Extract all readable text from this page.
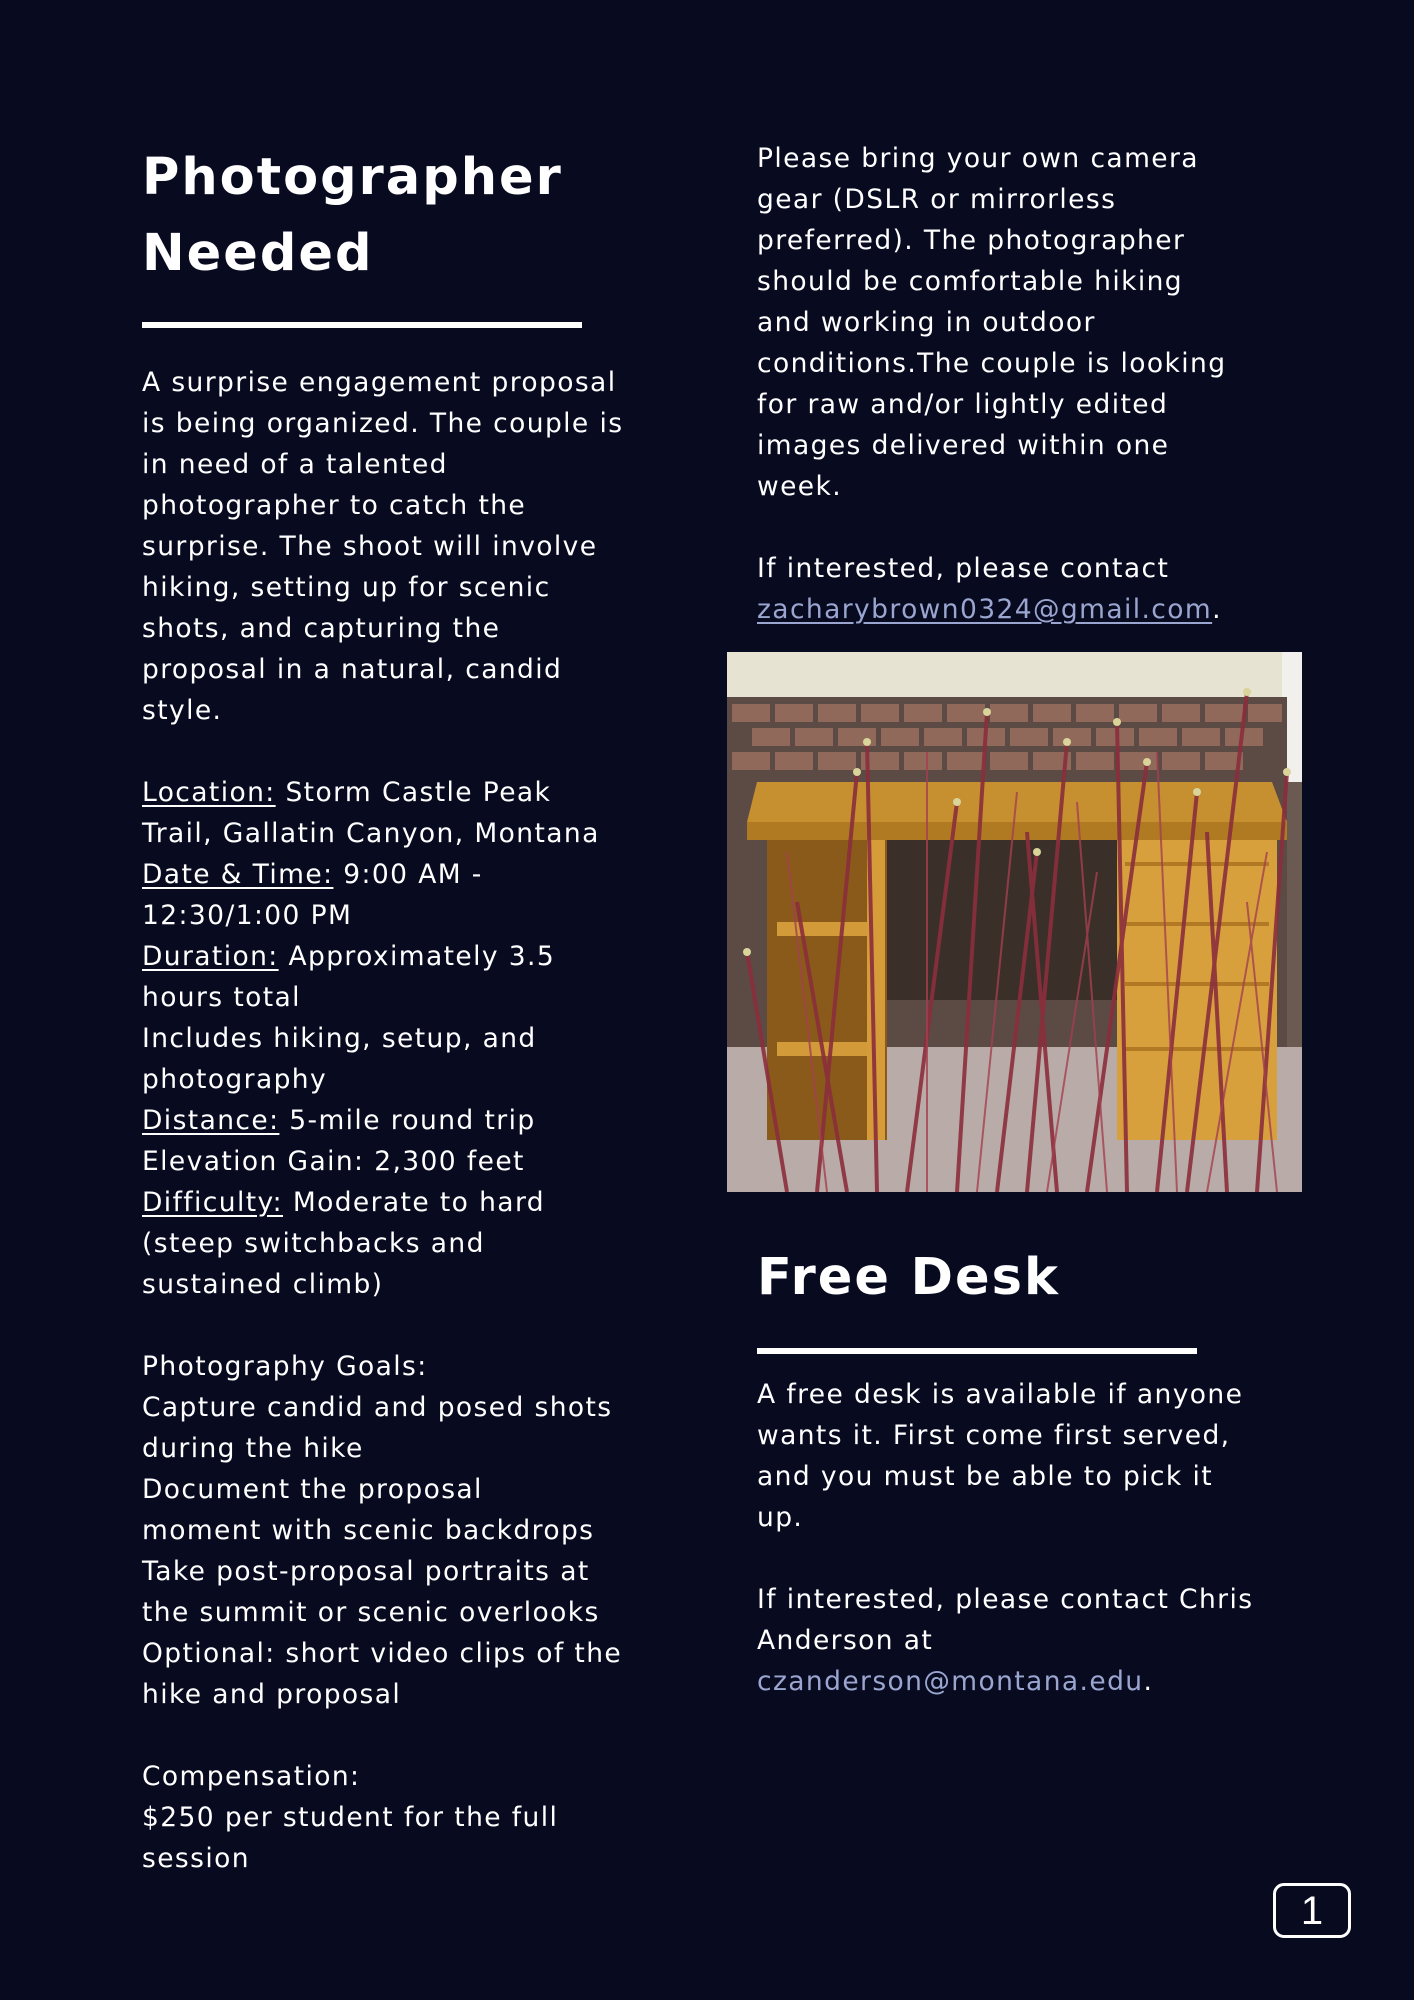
Photographer
Needed
A surprise engagement proposal
is being organized. The couple is
in need of a talented
photographer to catch the
surprise. The shoot will involve
hiking, setting up for scenic
shots, and capturing the
proposal in a natural, candid
style.
Location: Storm Castle Peak
Trail, Gallatin Canyon, Montana
Date & Time: 9:00 AM -
12:30/1:00 PM
Duration: Approximately 3.5
hours total
Includes hiking, setup, and
photography
Distance: 5-mile round trip
Elevation Gain: 2,300 feet
Difficulty: Moderate to hard
(steep switchbacks and
sustained climb)
Photography Goals:
Capture candid and posed shots
during the hike
Document the proposal
moment with scenic backdrops
Take post-proposal portraits at
the summit or scenic overlooks
Optional: short video clips of the
hike and proposal
Compensation:
$250 per student for the full
session
Please bring your own camera
gear (DSLR or mirrorless
preferred). The photographer
should be comfortable hiking
and working in outdoor
conditions.The couple is looking
for raw and/or lightly edited
images delivered within one
week.
If interested, please contact
zacharybrown0324@gmail.com.
Free Desk
A free desk is available if anyone
wants it. First come first served,
and you must be able to pick it
up.
If interested, please contact Chris
Anderson at
czanderson@montana.edu.
1
